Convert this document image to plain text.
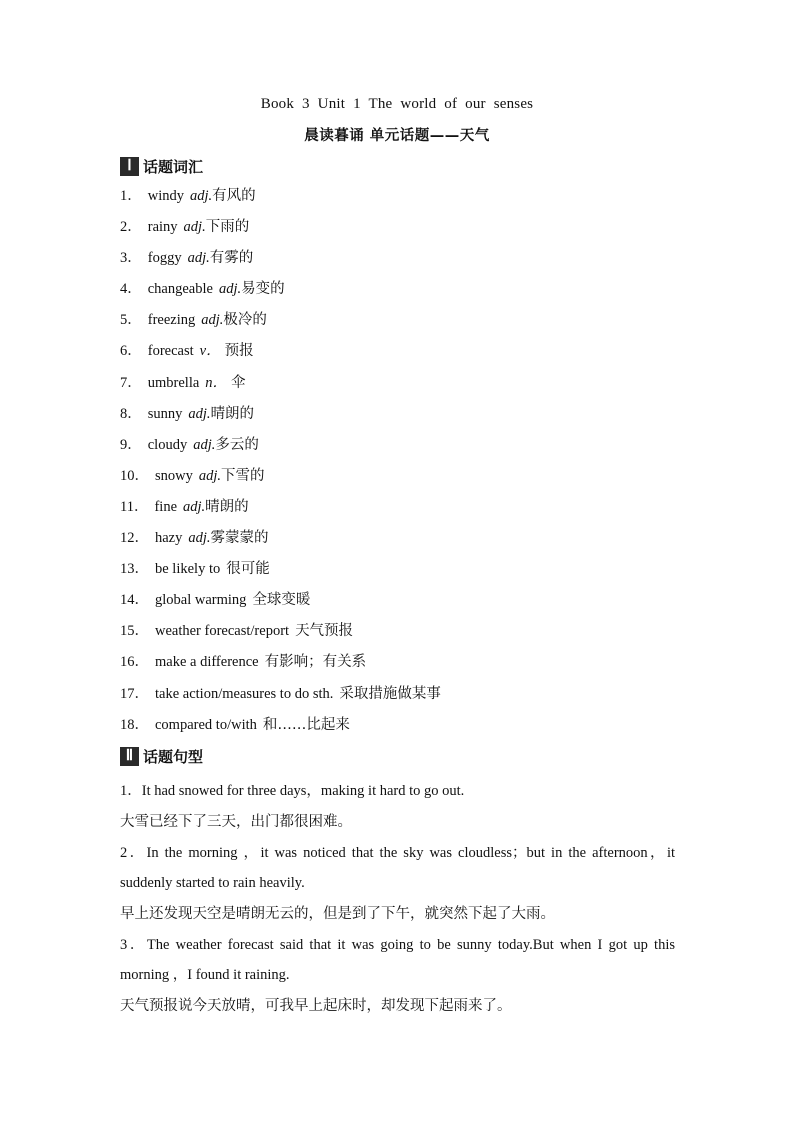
Book 3 Unit 1 The world of our senses
晨读暮诵 单元话题——天气
Ⅰ 话题词汇
1． windy adj.有风的
2． rainy adj.下雨的
3． foggy adj.有雾的
4． changeable adj.易变的
5． freezing adj.极冷的
6． forecast v． 预报
7． umbrella n． 伞
8． sunny adj.晴朗的
9． cloudy adj.多云的
10． snowy adj.下雪的
11． fine adj.晴朗的
12． hazy adj.雾蒙蒙的
13． be likely to 很可能
14． global warming 全球变暖
15． weather forecast/report 天气预报
16． make a difference 有影响；有关系
17． take action/measures to do sth. 采取措施做某事
18． compared to/with 和……比起来
Ⅱ 话题句型
1．It had snowed for three days，making it hard to go out.
大雪已经下了三天，出门都很困难。
2．In the morning ，it was noticed that the sky was cloudless；but in the afternoon，it suddenly started to rain heavily.
早上还发现天空是晴朗无云的，但是到了下午，就突然下起了大雨。
3．The weather forecast said that it was going to be sunny today.But when I got up this morning ，I found it raining.
天气预报说今天放晴，可我早上起床时，却发现下起雨来了。
